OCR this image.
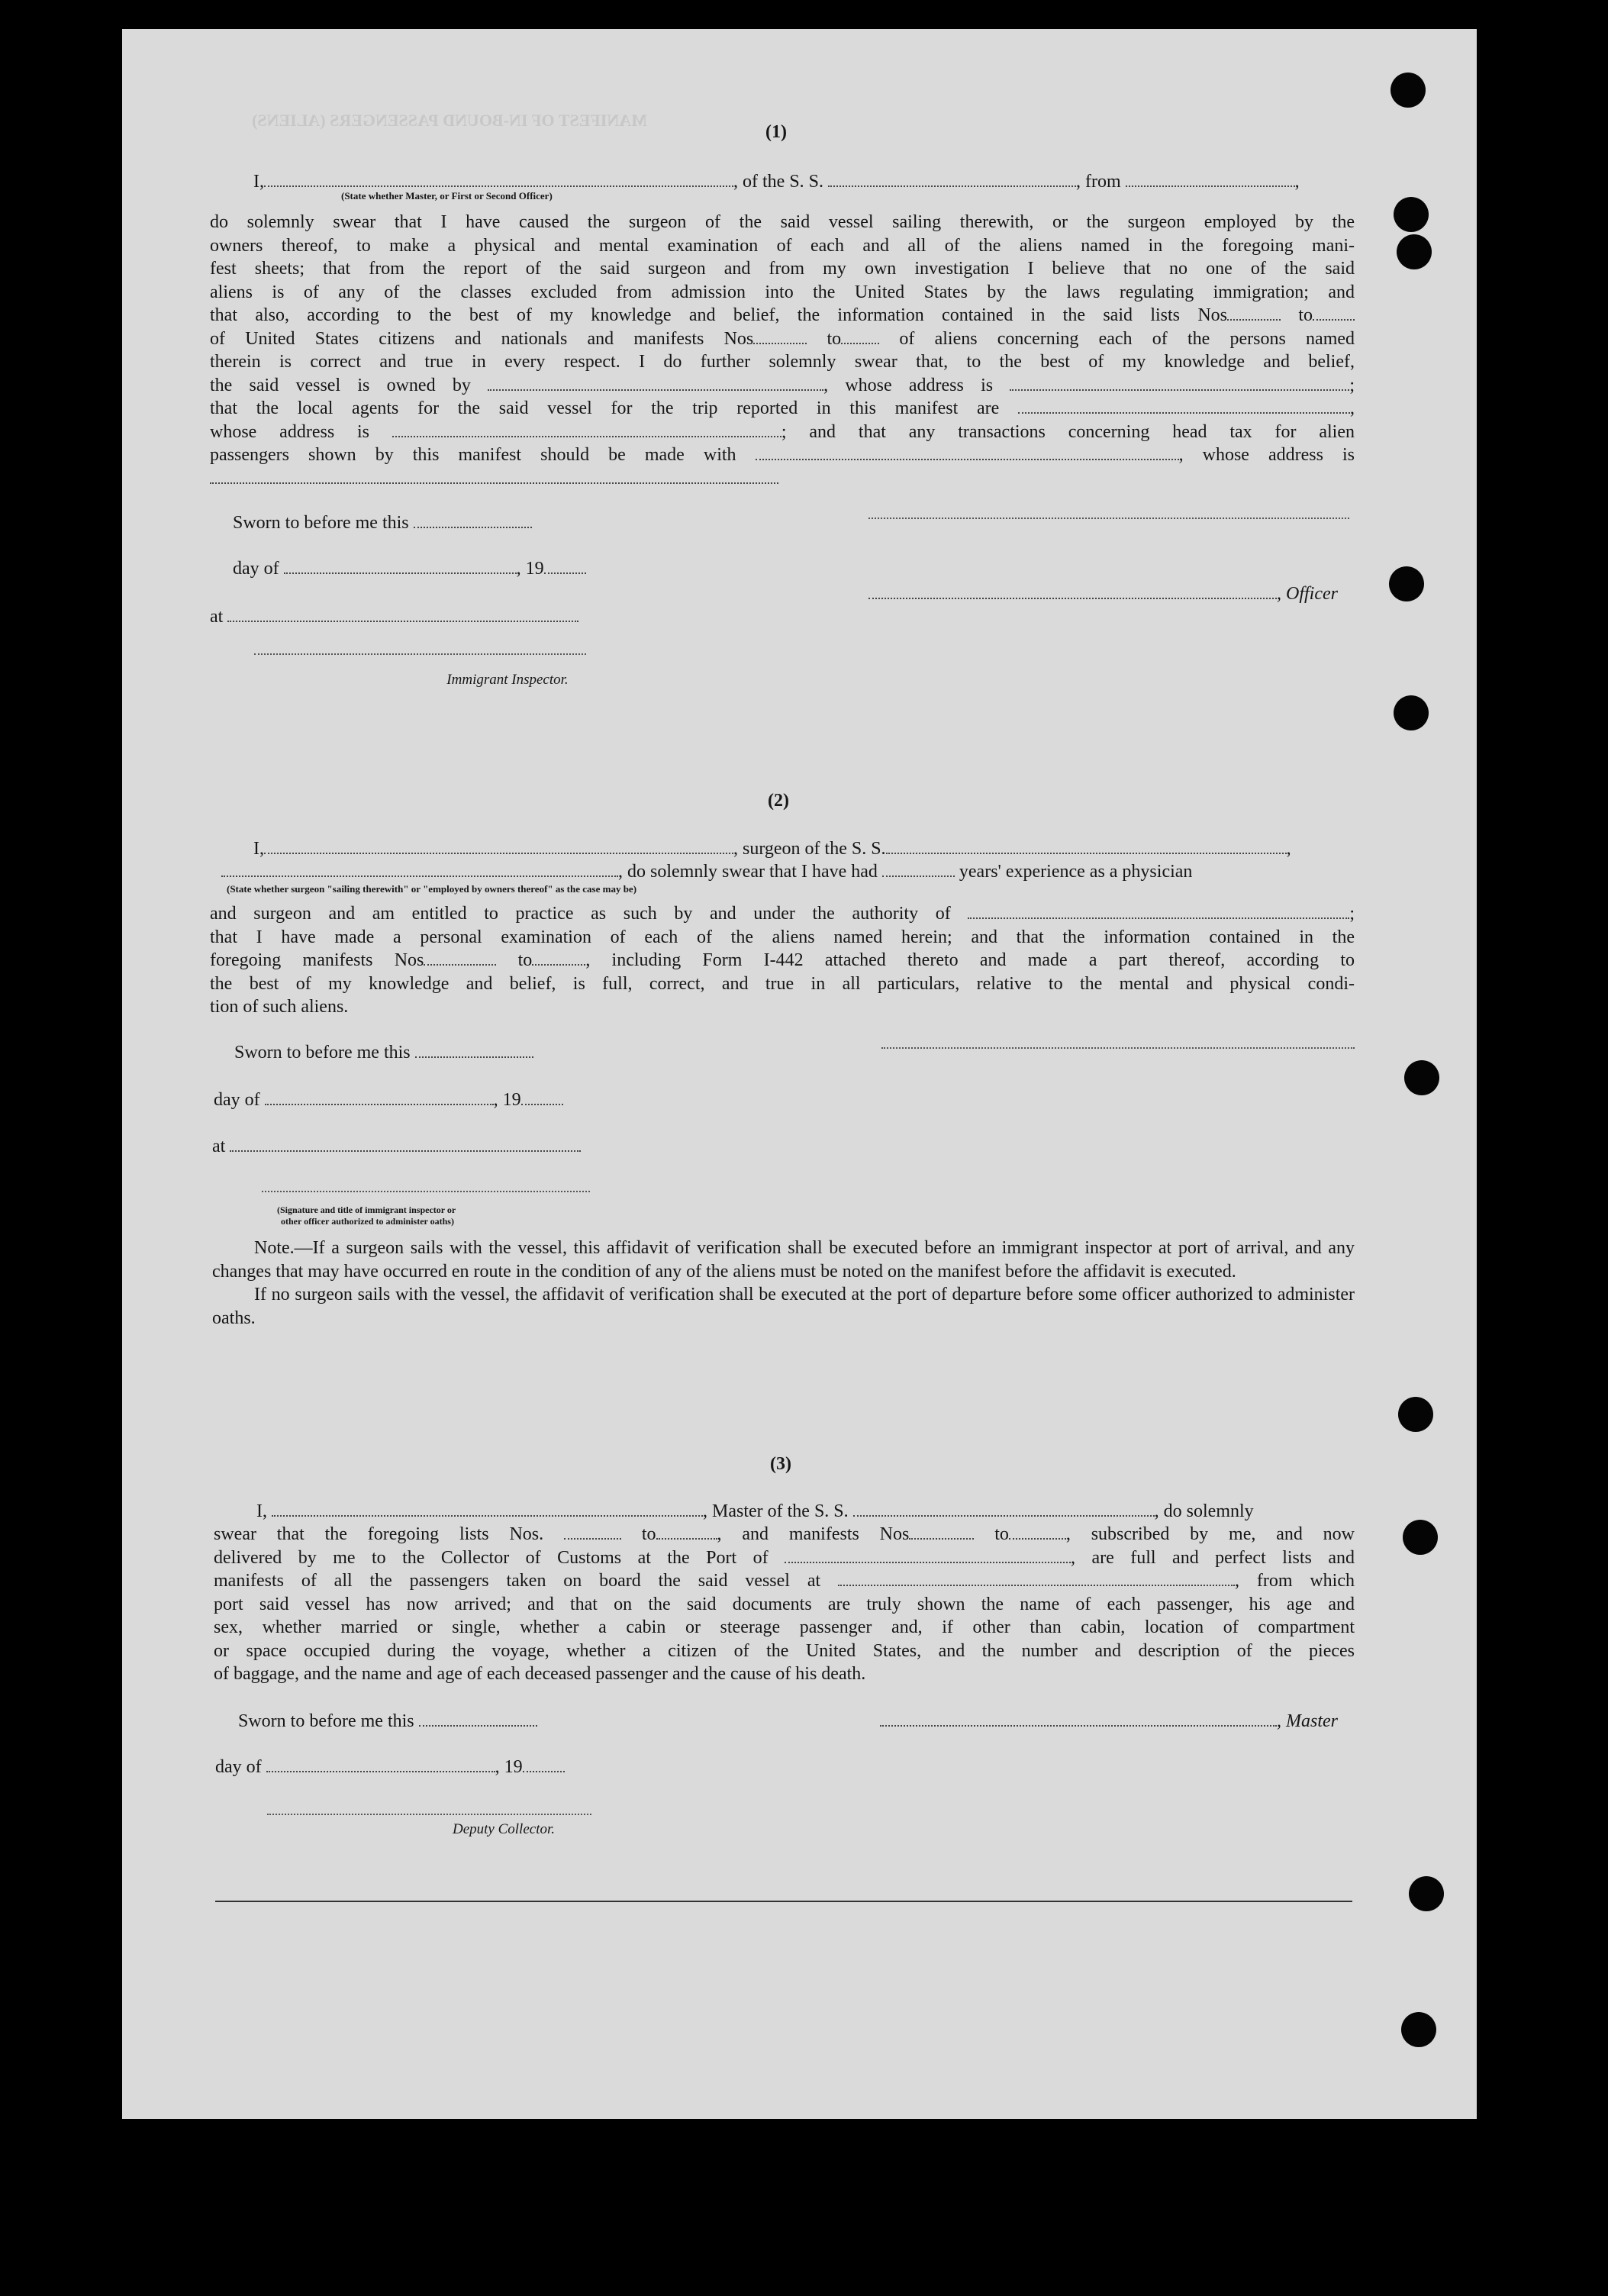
MANIFEST OF IN-BOUND PASSENGERS (ALIENS)
(1)
I,	, of the S. S.	, from	,
(State whether Master, or First or Second Officer)
do solemnly swear that I have caused the surgeon of the said vessel sailing therewith, or the surgeon employed by the
owners thereof, to make a physical and mental examination of each and all of the aliens named in the foregoing mani-
fest sheets; that from the report of the said surgeon and from my own investigation I believe that no one of the said
aliens is of any of the classes excluded from admission into the United States by the laws regulating immigration; and
that also, according to the best of my knowledge and belief, the information contained in the said lists Nos	to
of United States citizens and nationals and manifests Nos	to	of aliens concerning each of the persons named
therein is correct and true in every respect. I do further solemnly swear that, to the best of my knowledge and belief,
the said vessel is owned by	, whose address is	;
that the local agents for the said vessel for the trip reported in this manifest are	,
whose address is	; and that any transactions concerning head tax for alien
passengers shown by this manifest should be made with	, whose address is
Sworn to before me this
day of	, 19
, Officer
at
Immigrant Inspector.
(2)
I,	, surgeon of the S. S.	,
, do solemnly swear that I have had	years' experience as a physician
(State whether surgeon "sailing therewith" or "employed by owners thereof" as the case may be)
and surgeon and am entitled to practice as such by and under the authority of	;
that I have made a personal examination of each of the aliens named herein; and that the information contained in the
foregoing manifests Nos	to	, including Form I-442 attached thereto and made a part thereof, according to
the best of my knowledge and belief, is full, correct, and true in all particulars, relative to the mental and physical condi-
tion of such aliens.
Sworn to before me this
day of	, 19
at
(Signature and title of immigrant inspector or
other officer authorized to administer oaths)
Note.—If a surgeon sails with the vessel, this affidavit of verification shall be executed before an immigrant inspector at port of arrival, and any changes that may have occurred en route in the condition of any of the aliens must be noted on the manifest before the affidavit is executed.
If no surgeon sails with the vessel, the affidavit of verification shall be executed at the port of departure before some officer authorized to administer oaths.
(3)
I,	, Master of the S. S.	, do solemnly
swear that the foregoing lists Nos.	to	, and manifests Nos	to	, subscribed by me, and now
delivered by me to the Collector of Customs at the Port of	, are full and perfect lists and
manifests of all the passengers taken on board the said vessel at	, from which
port said vessel has now arrived; and that on the said documents are truly shown the name of each passenger, his age and
sex, whether married or single, whether a cabin or steerage passenger and, if other than cabin, location of compartment
or space occupied during the voyage, whether a citizen of the United States, and the number and description of the pieces
of baggage, and the name and age of each deceased passenger and the cause of his death.
Sworn to before me this	, Master
day of	, 19
Deputy Collector.
